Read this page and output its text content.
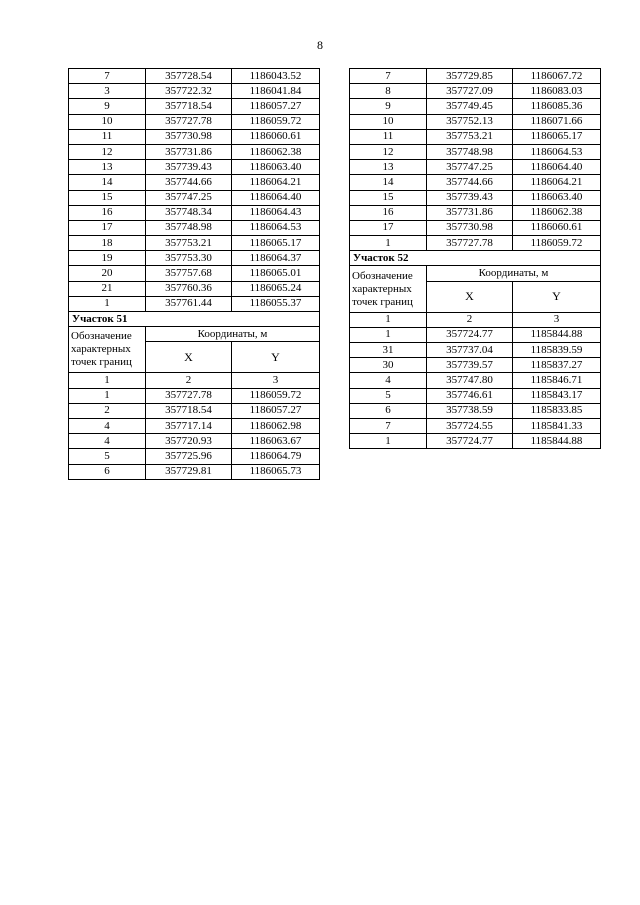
8
7	357728.54	1186043.52
3	357722.32	1186041.84
9	357718.54	1186057.27
10	357727.78	1186059.72
11	357730.98	1186060.61
12	357731.86	1186062.38
13	357739.43	1186063.40
14	357744.66	1186064.21
15	357747.25	1186064.40
16	357748.34	1186064.43
17	357748.98	1186064.53
18	357753.21	1186065.17
19	357753.30	1186064.37
20	357757.68	1186065.01
21	357760.36	1186065.24
1	357761.44	1186055.37
Участок 51		
Обозначение характерных точек границ	Координаты, м	
	X	Y
1	2	3
1	357727.78	1186059.72
2	357718.54	1186057.27
4	357717.14	1186062.98
4	357720.93	1186063.67
5	357725.96	1186064.79
6	357729.81	1186065.73
7	357729.85	1186067.72
8	357727.09	1186083.03
9	357749.45	1186085.36
10	357752.13	1186071.66
11	357753.21	1186065.17
12	357748.98	1186064.53
13	357747.25	1186064.40
14	357744.66	1186064.21
15	357739.43	1186063.40
16	357731.86	1186062.38
17	357730.98	1186060.61
1	357727.78	1186059.72
Участок 52		
Обозначение характерных точек границ	Координаты, м	
	X	Y
1	2	3
1	357724.77	1185844.88
31	357737.04	1185839.59
30	357739.57	1185837.27
4	357747.80	1185846.71
5	357746.61	1185843.17
6	357738.59	1185833.85
7	357724.55	1185841.33
1	357724.77	1185844.88
